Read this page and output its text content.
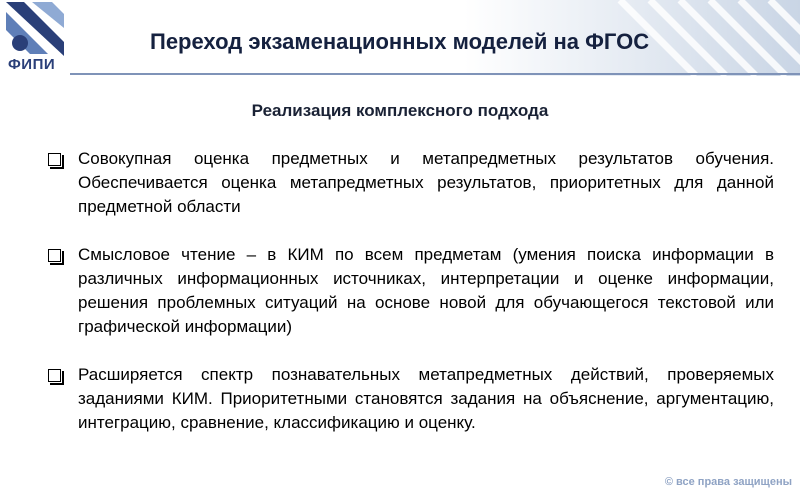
ФИПИ
Переход экзаменационных моделей на ФГОС
Реализация комплексного подхода
Совокупная оценка предметных и метапредметных результатов обучения. Обеспечивается оценка метапредметных результатов, приоритетных для данной предметной области
Смысловое чтение – в КИМ по всем предметам (умения поиска информации в различных информационных источниках, интерпретации и оценке информации, решения проблемных ситуаций на основе новой для обучающегося текстовой или графической информации)
Расширяется спектр познавательных метапредметных действий, проверяемых заданиями КИМ. Приоритетными становятся задания на объяснение, аргументацию, интеграцию, сравнение, классификацию и оценку.
© все права защищены
